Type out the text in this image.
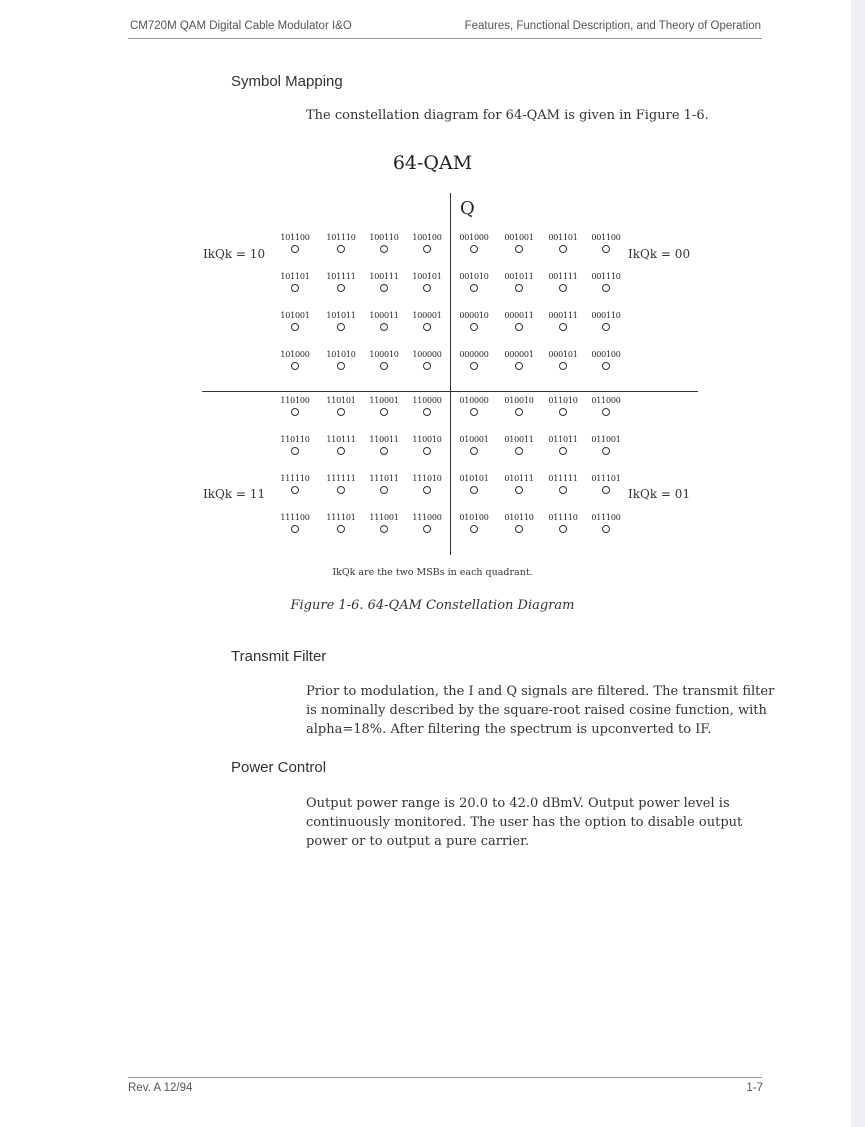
CM720M QAM Digital Cable Modulator I&O	Features, Functional Description, and Theory of Operation
Symbol Mapping

The constellation diagram for 64-QAM is given in Figure 1-6.

64-QAM
Q
IkQk = 10	IkQk = 00
IkQk = 11	IkQk = 01
101100	101110	100110	100100	001000	001001	001101	001100
101101	101111	100111	100101	001010	001011	001111	001110
101001	101011	100011	100001	000010	000011	000111	000110
101000	101010	100010	100000	000000	000001	000101	000100
110100	110101	110001	110000	010000	010010	011010	011000
110110	110111	110011	110010	010001	010011	011011	011001
111110	111111	111011	111010	010101	010111	011111	011101
111100	111101	111001	111000	010100	010110	011110	011100
IkQk are the two MSBs in each quadrant.
Figure 1-6. 64-QAM Constellation Diagram
Transmit Filter

Prior to modulation, the I and Q signals are filtered. The transmit filter is nominally described by the square-root raised cosine function, with alpha=18%. After filtering the spectrum is upconverted to IF.

Power Control

Output power range is 20.0 to 42.0 dBmV. Output power level is continuously monitored. The user has the option to disable output power or to output a pure carrier.

Rev. A 12/94	1-7
